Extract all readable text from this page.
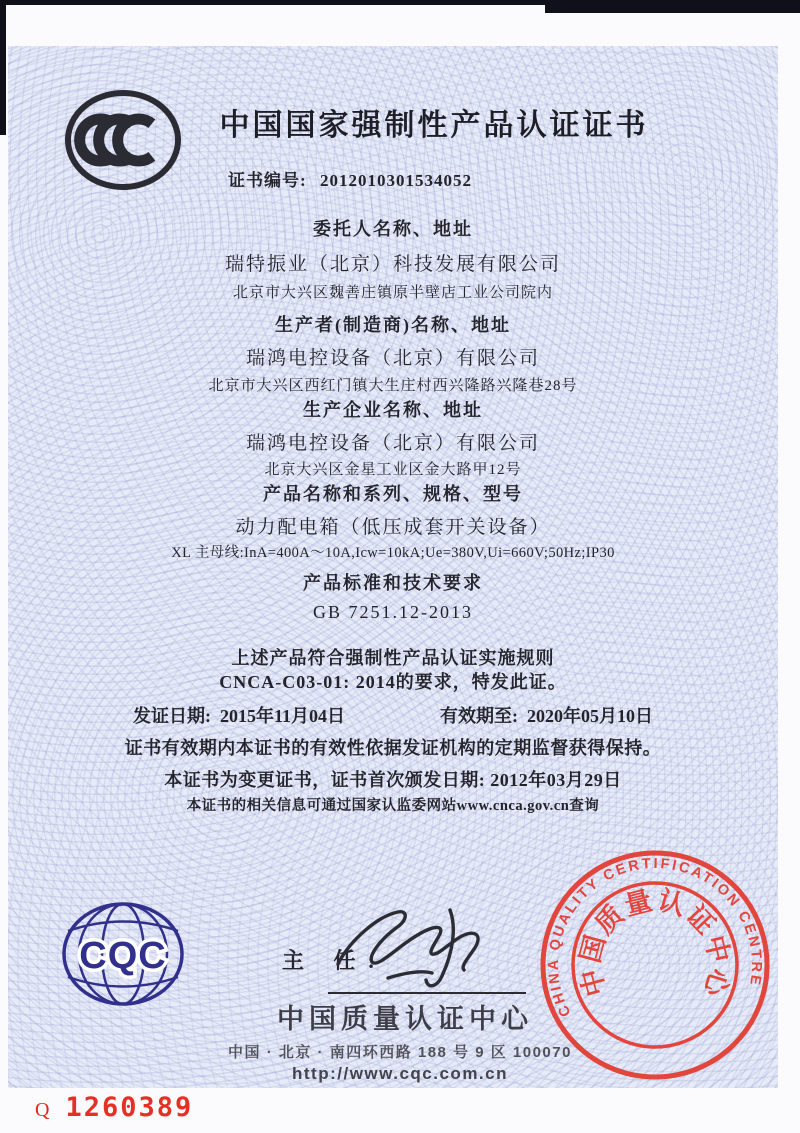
中国国家强制性产品认证证书
证书编号: 2012010301534052
委托人名称、地址
瑞特振业（北京）科技发展有限公司
北京市大兴区魏善庄镇原半壁店工业公司院内
生产者(制造商)名称、地址
瑞鸿电控设备（北京）有限公司
北京市大兴区西红门镇大生庄村西兴隆路兴隆巷28号
生产企业名称、地址
瑞鸿电控设备（北京）有限公司
北京大兴区金星工业区金大路甲12号
产品名称和系列、规格、型号
动力配电箱（低压成套开关设备）
XL 主母线:InA=400A～10A,Icw=10kA;Ue=380V,Ui=660V;50Hz;IP30
产品标准和技术要求
GB 7251.12-2013
上述产品符合强制性产品认证实施规则
CNCA-C03-01: 2014的要求，特发此证。
发证日期: 2015年11月04日	有效期至: 2020年05月10日
证书有效期内本证书的有效性依据发证机构的定期监督获得保持。
本证书为变更证书，证书首次颁发日期: 2012年03月29日
本证书的相关信息可通过国家认监委网站www.cnca.gov.cn查询
CQC	主 任:
中国质量认证中心
中国 · 北京 · 南四环西路 188 号 9 区 100070
http://www.cqc.com.cn
CHINA QUALITY CERTIFICATION CENTRE
中国质量认证中心
Q 1260389
